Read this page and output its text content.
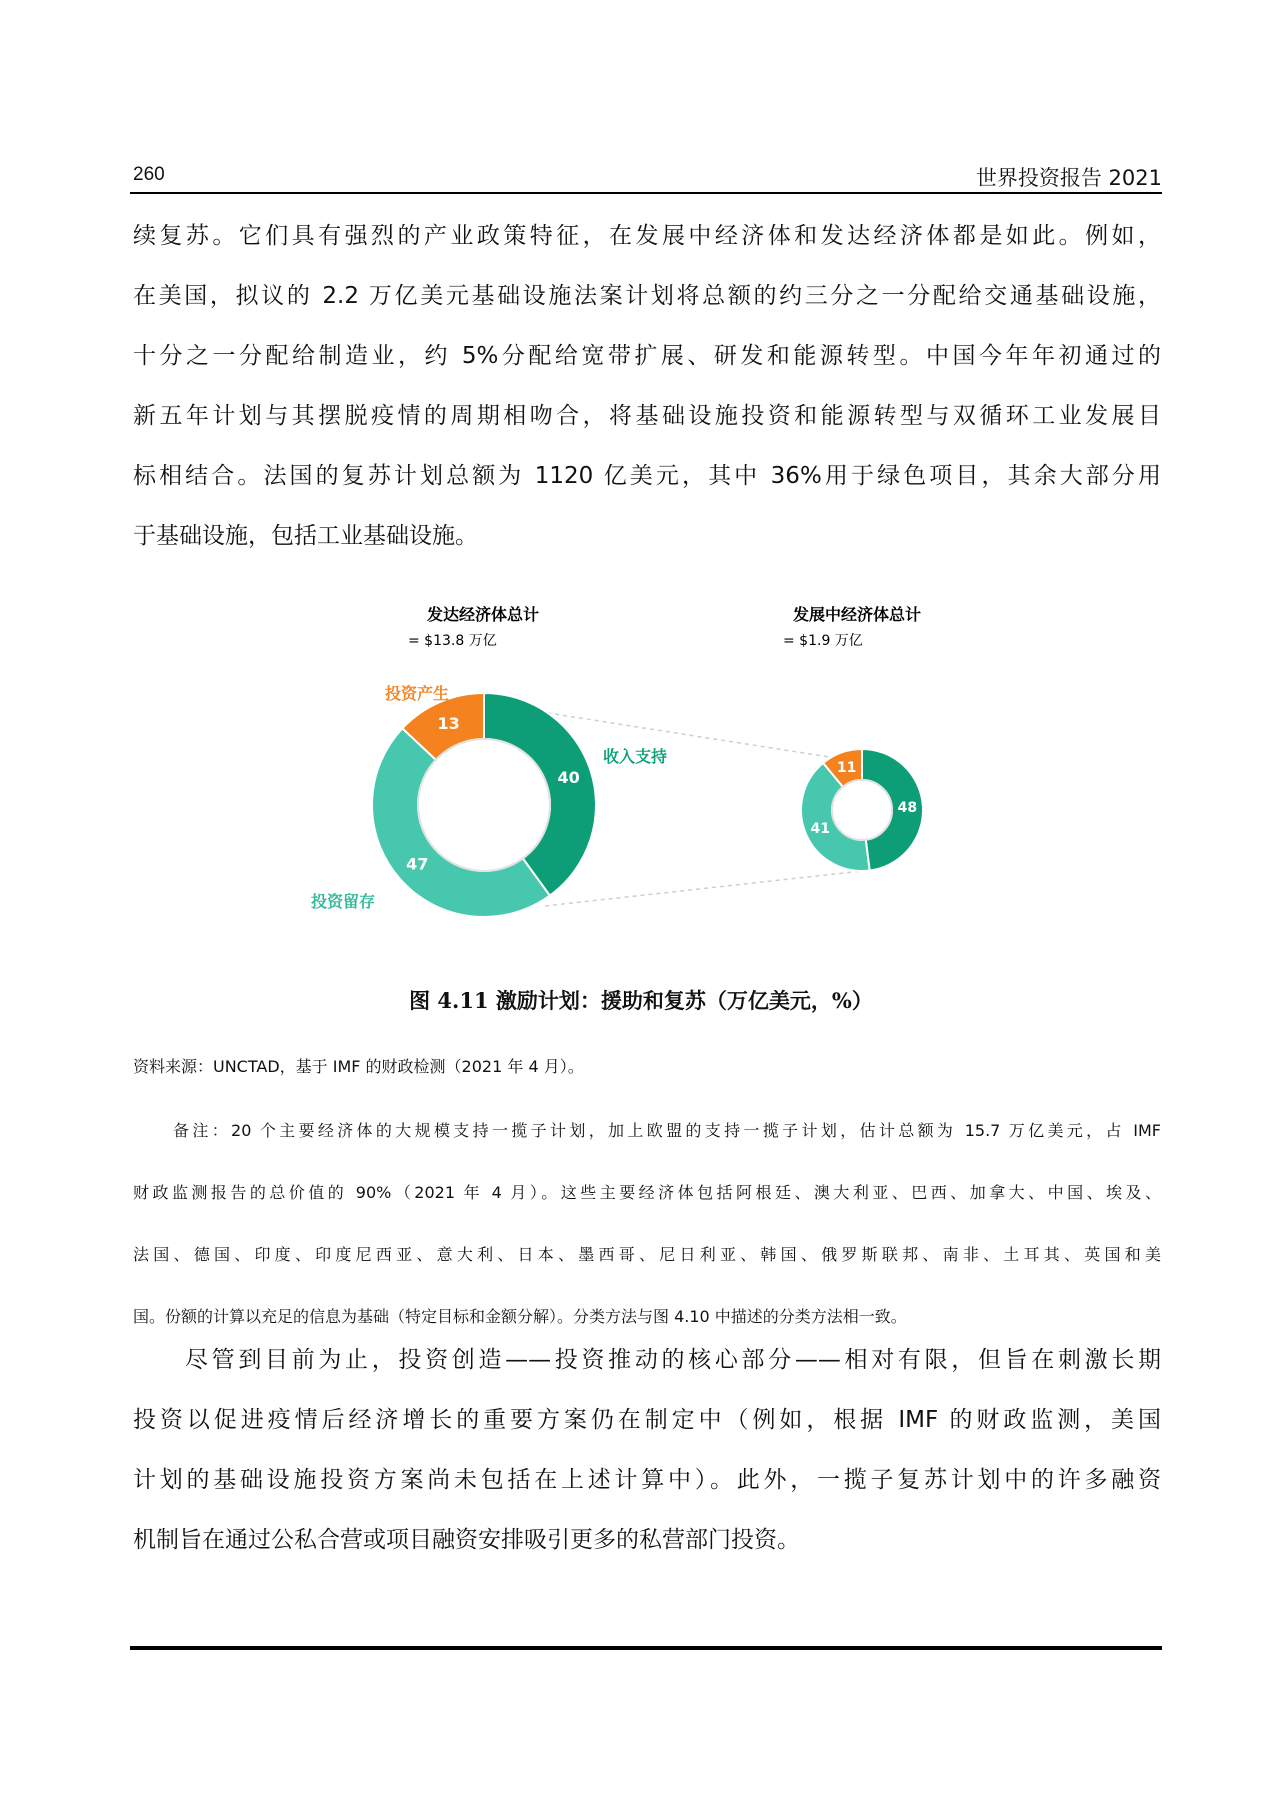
260	世界投资报告 2021

续复苏。它们具有强烈的产业政策特征，在发展中经济体和发达经济体都是如此。例如，
在美国，拟议的 2.2 万亿美元基础设施法案计划将总额的约三分之一分配给交通基础设施，
十分之一分配给制造业，约 5%分配给宽带扩展、研发和能源转型。中国今年年初通过的
新五年计划与其摆脱疫情的周期相吻合，将基础设施投资和能源转型与双循环工业发展目
标相结合。法国的复苏计划总额为 1120 亿美元，其中 36%用于绿色项目，其余大部分用
于基础设施，包括工业基础设施。

发达经济体总计
= $13.8 万亿
发展中经济体总计
= $1.9 万亿
40
47
13
48
41
11
投资产生
收入支持
投资留存
图 4.11 激励计划：援助和复苏（万亿美元，%）
资料来源：UNCTAD，基于 IMF 的财政检测（2021 年 4 月）。

备注：20 个主要经济体的大规模支持一揽子计划，加上欧盟的支持一揽子计划，估计总额为 15.7 万亿美元，占 IMF
财政监测报告的总价值的 90%（2021 年 4 月）。这些主要经济体包括阿根廷、澳大利亚、巴西、加拿大、中国、埃及、
法国、德国、印度、印度尼西亚、意大利、日本、墨西哥、尼日利亚、韩国、俄罗斯联邦、南非、土耳其、英国和美
国。份额的计算以充足的信息为基础（特定目标和金额分解）。分类方法与图 4.10 中描述的分类方法相一致。

尽管到目前为止，投资创造——投资推动的核心部分——相对有限，但旨在刺激长期
投资以促进疫情后经济增长的重要方案仍在制定中（例如，根据 IMF 的财政监测，美国
计划的基础设施投资方案尚未包括在上述计算中）。此外，一揽子复苏计划中的许多融资
机制旨在通过公私合营或项目融资安排吸引更多的私营部门投资。
